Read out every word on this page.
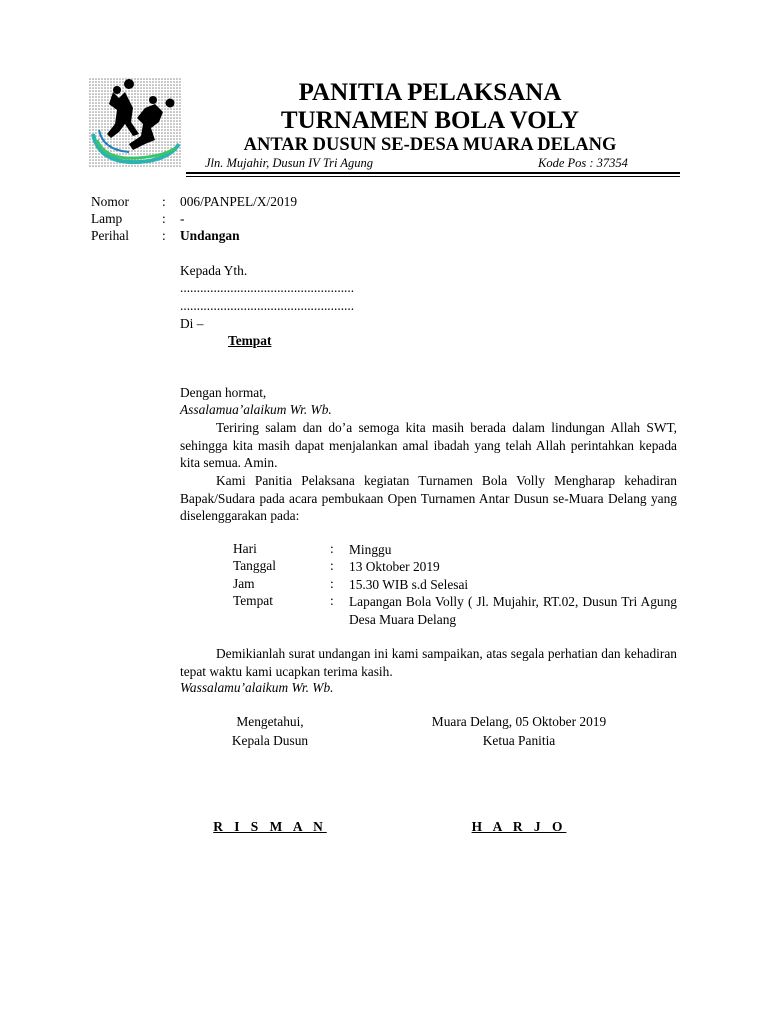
PANITIA PELAKSANA
TURNAMEN BOLA VOLY
ANTAR DUSUN SE-DESA MUARA DELANG
Jln. Mujahir, Dusun IV Tri Agung	Kode Pos : 37354
Nomor : 006/PANPEL/X/2019
Lamp	: -
Perihal : Undangan
Kepada Yth.
....................................................
....................................................
Di –
Tempat
Dengan hormat,
Assalamua’alaikum Wr. Wb.
Teriring salam dan do’a semoga kita masih berada dalam lindungan Allah SWT, sehingga kita masih dapat menjalankan amal ibadah yang telah Allah perintahkan kepada kita semua. Amin.
Kami Panitia Pelaksana kegiatan Turnamen Bola Volly Mengharap kehadiran Bapak/Sudara pada acara pembukaan Open Turnamen Antar Dusun se-Muara Delang yang diselenggarakan pada:
Hari	: Minggu
Tanggal	: 13 Oktober 2019
Jam	: 15.30 WIB s.d Selesai
Tempat	: Lapangan Bola Volly ( Jl. Mujahir, RT.02, Dusun Tri Agung Desa Muara Delang
Demikianlah surat undangan ini kami sampaikan, atas segala perhatian dan kehadiran tepat waktu kami ucapkan terima kasih.
Wassalamu’alaikum Wr. Wb.
Mengetahui,
Kepala Dusun
R I S M A N
Muara Delang, 05 Oktober 2019
Ketua Panitia
H A R J O
